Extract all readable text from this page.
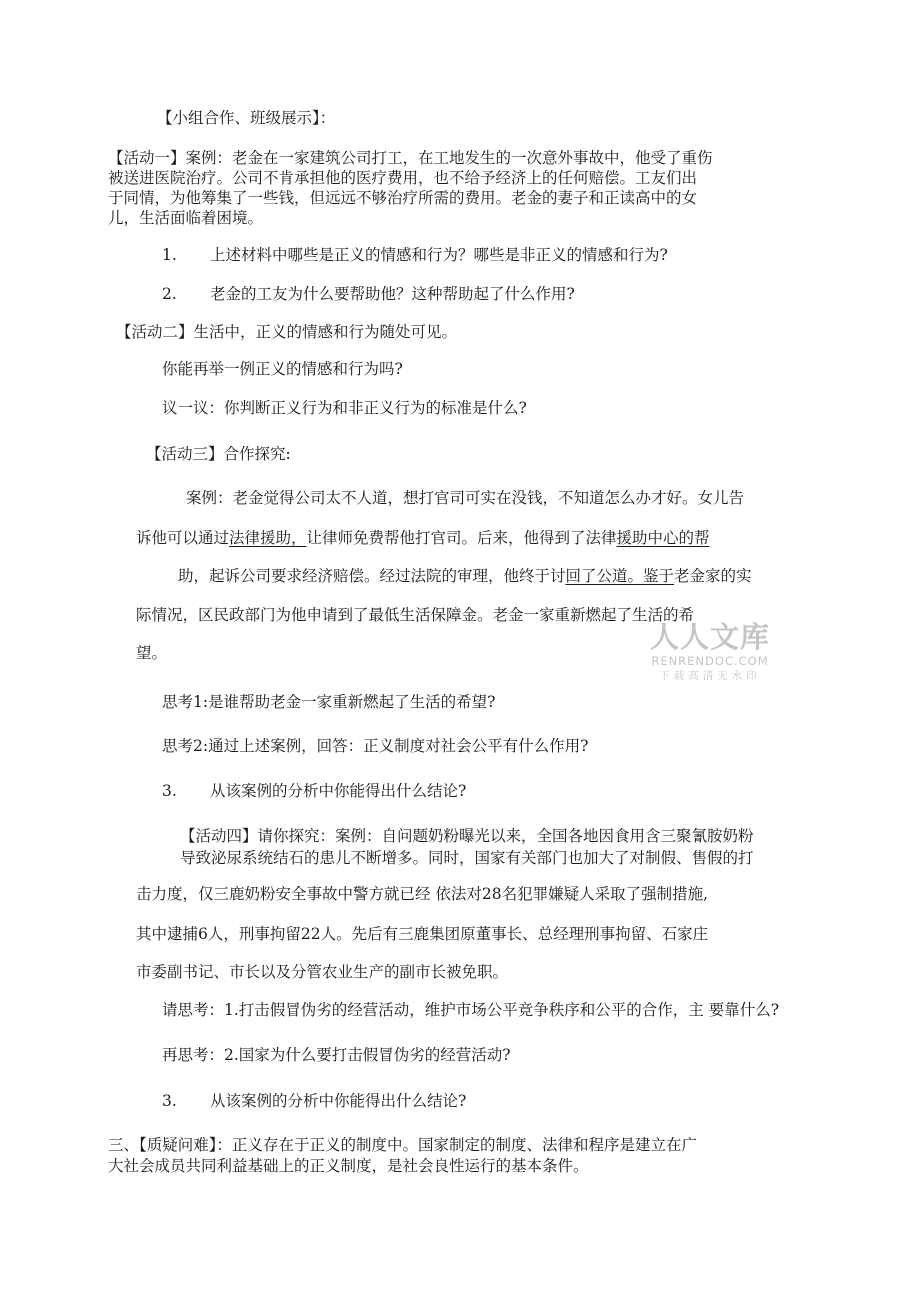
【小组合作、班级展示】：
【活动一】案例：老金在一家建筑公司打工，在工地发生的一次意外事故中，他受了重伤
被送进医院治疗。公司不肯承担他的医疗费用，也不给予经济上的任何赔偿。工友们出
于同情，为他筹集了一些钱，但远远不够治疗所需的费用。老金的妻子和正读高中的女
儿，生活面临着困境。
1. 上述材料中哪些是正义的情感和行为？哪些是非正义的情感和行为?
2. 老金的工友为什么要帮助他？这种帮助起了什么作用?
【活动二】生活中，正义的情感和行为随处可见。
你能再举一例正义的情感和行为吗?
议一议：你判断正义行为和非正义行为的标准是什么?
【活动三】合作探究:
案例：老金觉得公司太不人道，想打官司可实在没钱，不知道怎么办才好。女儿告
诉他可以通过法律援助，让律师免费帮他打官司。后来，他得到了法律援助中心的帮
助，起诉公司要求经济赔偿。经过法院的审理，他终于讨回了公道。鉴于老金家的实
际情况，区民政部门为他申请到了最低生活保障金。老金一家重新燃起了生活的希
望。
思考1:是谁帮助老金一家重新燃起了生活的希望?
思考2:通过上述案例，回答：正义制度对社会公平有什么作用?
3. 从该案例的分析中你能得出什么结论?
【活动四】请你探究：案例：自问题奶粉曝光以来，全国各地因食用含三聚氰胺奶粉
导致泌尿系统结石的患儿不断增多。同时，国家有关部门也加大了对制假、售假的打
击力度，仅三鹿奶粉安全事故中警方就已经 依法对28名犯罪嫌疑人采取了强制措施,
其中逮捕6人，刑事拘留22人。先后有三鹿集团原董事长、总经理刑事拘留、石家庄
市委副书记、市长以及分管农业生产的副市长被免职。
请思考：1.打击假冒伪劣的经营活动，维护市场公平竞争秩序和公平的合作，主 要靠什么?
再思考：2.国家为什么要打击假冒伪劣的经营活动?
3. 从该案例的分析中你能得出什么结论?
三、【质疑问难】：正义存在于正义的制度中。国家制定的制度、法律和程序是建立在广
大社会成员共同利益基础上的正义制度，是社会良性运行的基本条件。
人人文库
RENRENDOC.COM
下载高清无水印
